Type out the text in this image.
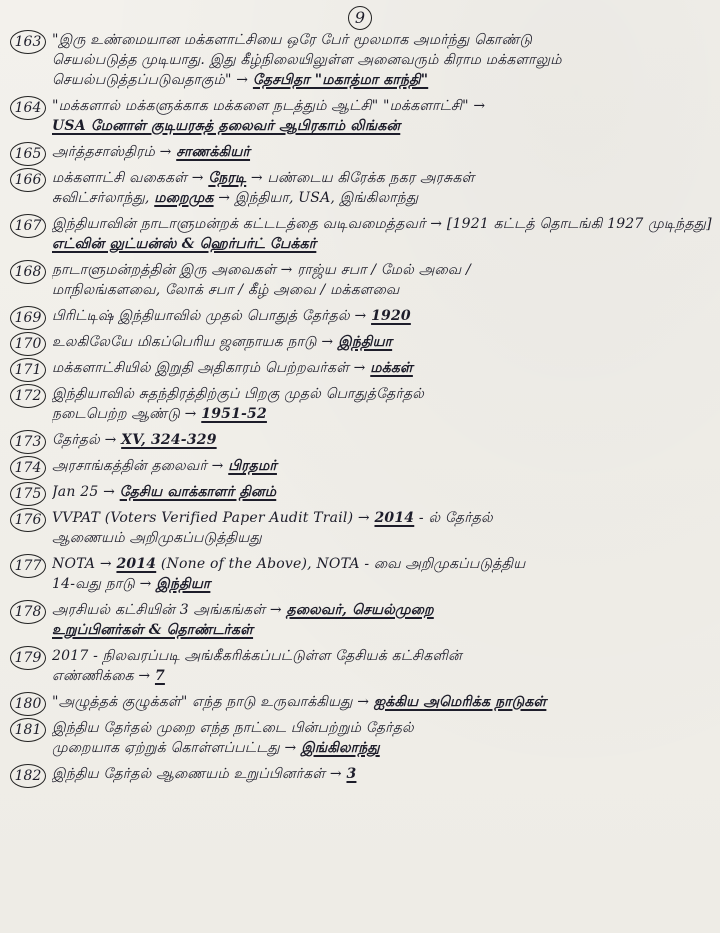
9
163 "இரு உண்மையான மக்களாட்சியை ஒரே பேர் மூலமாக அமர்ந்து கொண்டு
செயல்படுத்த முடியாது. இது கீழ்நிலையிலுள்ள அனைவரும் கிராம மக்களாலும்
செயல்படுத்தப்படுவதாகும்" → தேசபிதா "மகாத்மா காந்தி"
164 "மக்களால் மக்களுக்காக மக்களை நடத்தும் ஆட்சி" "மக்களாட்சி" →
USA மேனாள் குடியரசுத் தலைவர் ஆபிரகாம் லிங்கன்
165 அர்த்தசாஸ்திரம் → சாணக்கியர்
166 மக்களாட்சி வகைகள் → நேரடி → பண்டைய கிரேக்க நகர அரசுகள்
சுவிட்சர்லாந்து, மறைமுக → இந்தியா, USA, இங்கிலாந்து
167 இந்தியாவின் நாடாளுமன்றக் கட்டடத்தை வடிவமைத்தவர் → [1921 கட்டத் தொடங்கி 1927 முடிந்தது]
எட்வின் லுட்யன்ஸ் & ஹெர்பர்ட் பேக்கர்
168 நாடாளுமன்றத்தின் இரு அவைகள் → ராஜ்ய சபா / மேல் அவை /
மாநிலங்களவை, லோக் சபா / கீழ் அவை / மக்களவை
169 பிரிட்டிஷ் இந்தியாவில் முதல் பொதுத் தேர்தல் → 1920
170 உலகிலேயே மிகப்பெரிய ஜனநாயக நாடு → இந்தியா
171 மக்களாட்சியில் இறுதி அதிகாரம் பெற்றவர்கள் → மக்கள்
172 இந்தியாவில் சுதந்திரத்திற்குப் பிறகு முதல் பொதுத்தேர்தல்
நடைபெற்ற ஆண்டு → 1951-52
173 தேர்தல் → XV, 324-329
174 அரசாங்கத்தின் தலைவர் → பிரதமர்
175 Jan 25 → தேசிய வாக்காளர் தினம்
176 VVPAT (Voters Verified Paper Audit Trail) → 2014 - ல் தேர்தல்
ஆணையம் அறிமுகப்படுத்தியது
177 NOTA → 2014 (None of the Above), NOTA - வை அறிமுகப்படுத்திய
14-வது நாடு → இந்தியா
178 அரசியல் கட்சியின் 3 அங்கங்கள் → தலைவர், செயல்முறை
உறுப்பினர்கள் & தொண்டர்கள்
179 2017 - நிலவரப்படி அங்கீகரிக்கப்பட்டுள்ள தேசியக் கட்சிகளின்
எண்ணிக்கை → 7
180 "அழுத்தக் குழுக்கள்" எந்த நாடு உருவாக்கியது → ஐக்கிய அமெரிக்க நாடுகள்
181 இந்திய தேர்தல் முறை எந்த நாட்டை பின்பற்றும் தேர்தல்
முறையாக ஏற்றுக் கொள்ளப்பட்டது → இங்கிலாந்து
182 இந்திய தேர்தல் ஆணையம் உறுப்பினர்கள் → 3
